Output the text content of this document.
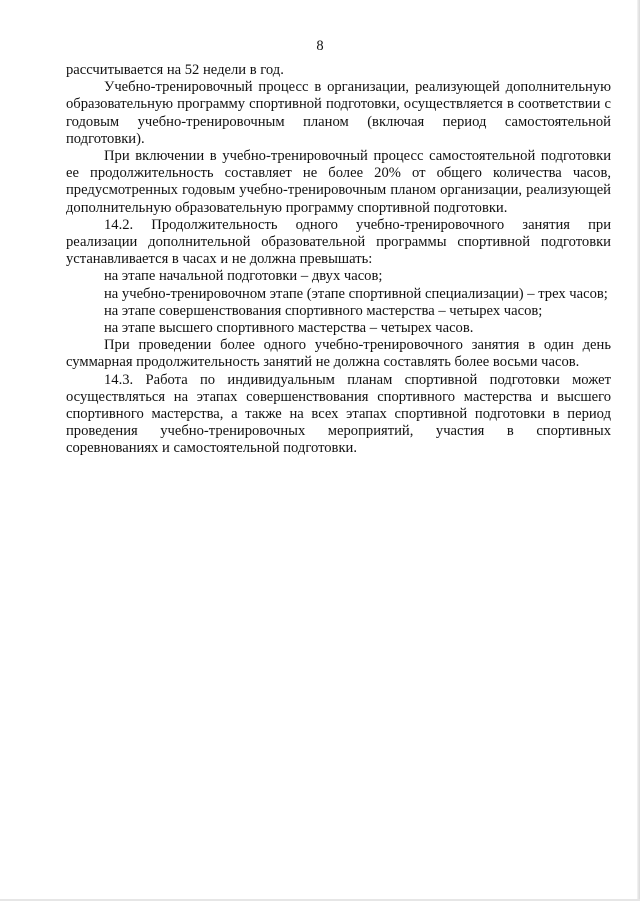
8

рассчитывается на 52 недели в год.

Учебно-тренировочный процесс в организации, реализующей дополнительную образовательную программу спортивной подготовки, осуществляется в соответствии с годовым учебно-тренировочным планом (включая период самостоятельной подготовки).

При включении в учебно-тренировочный процесс самостоятельной подготовки ее продолжительность составляет не более 20% от общего количества часов, предусмотренных годовым учебно-тренировочным планом организации, реализующей дополнительную образовательную программу спортивной подготовки.

14.2. Продолжительность одного учебно-тренировочного занятия при реализации дополнительной образовательной программы спортивной подготовки устанавливается в часах и не должна превышать:

на этапе начальной подготовки – двух часов;

на учебно-тренировочном этапе (этапе спортивной специализации) – трех часов;

на этапе совершенствования спортивного мастерства – четырех часов;

на этапе высшего спортивного мастерства – четырех часов.

При проведении более одного учебно-тренировочного занятия в один день суммарная продолжительность занятий не должна составлять более восьми часов.

14.3. Работа по индивидуальным планам спортивной подготовки может осуществляться на этапах совершенствования спортивного мастерства и высшего спортивного мастерства, а также на всех этапах спортивной подготовки в период проведения учебно-тренировочных мероприятий, участия в спортивных соревнованиях и самостоятельной подготовки.
